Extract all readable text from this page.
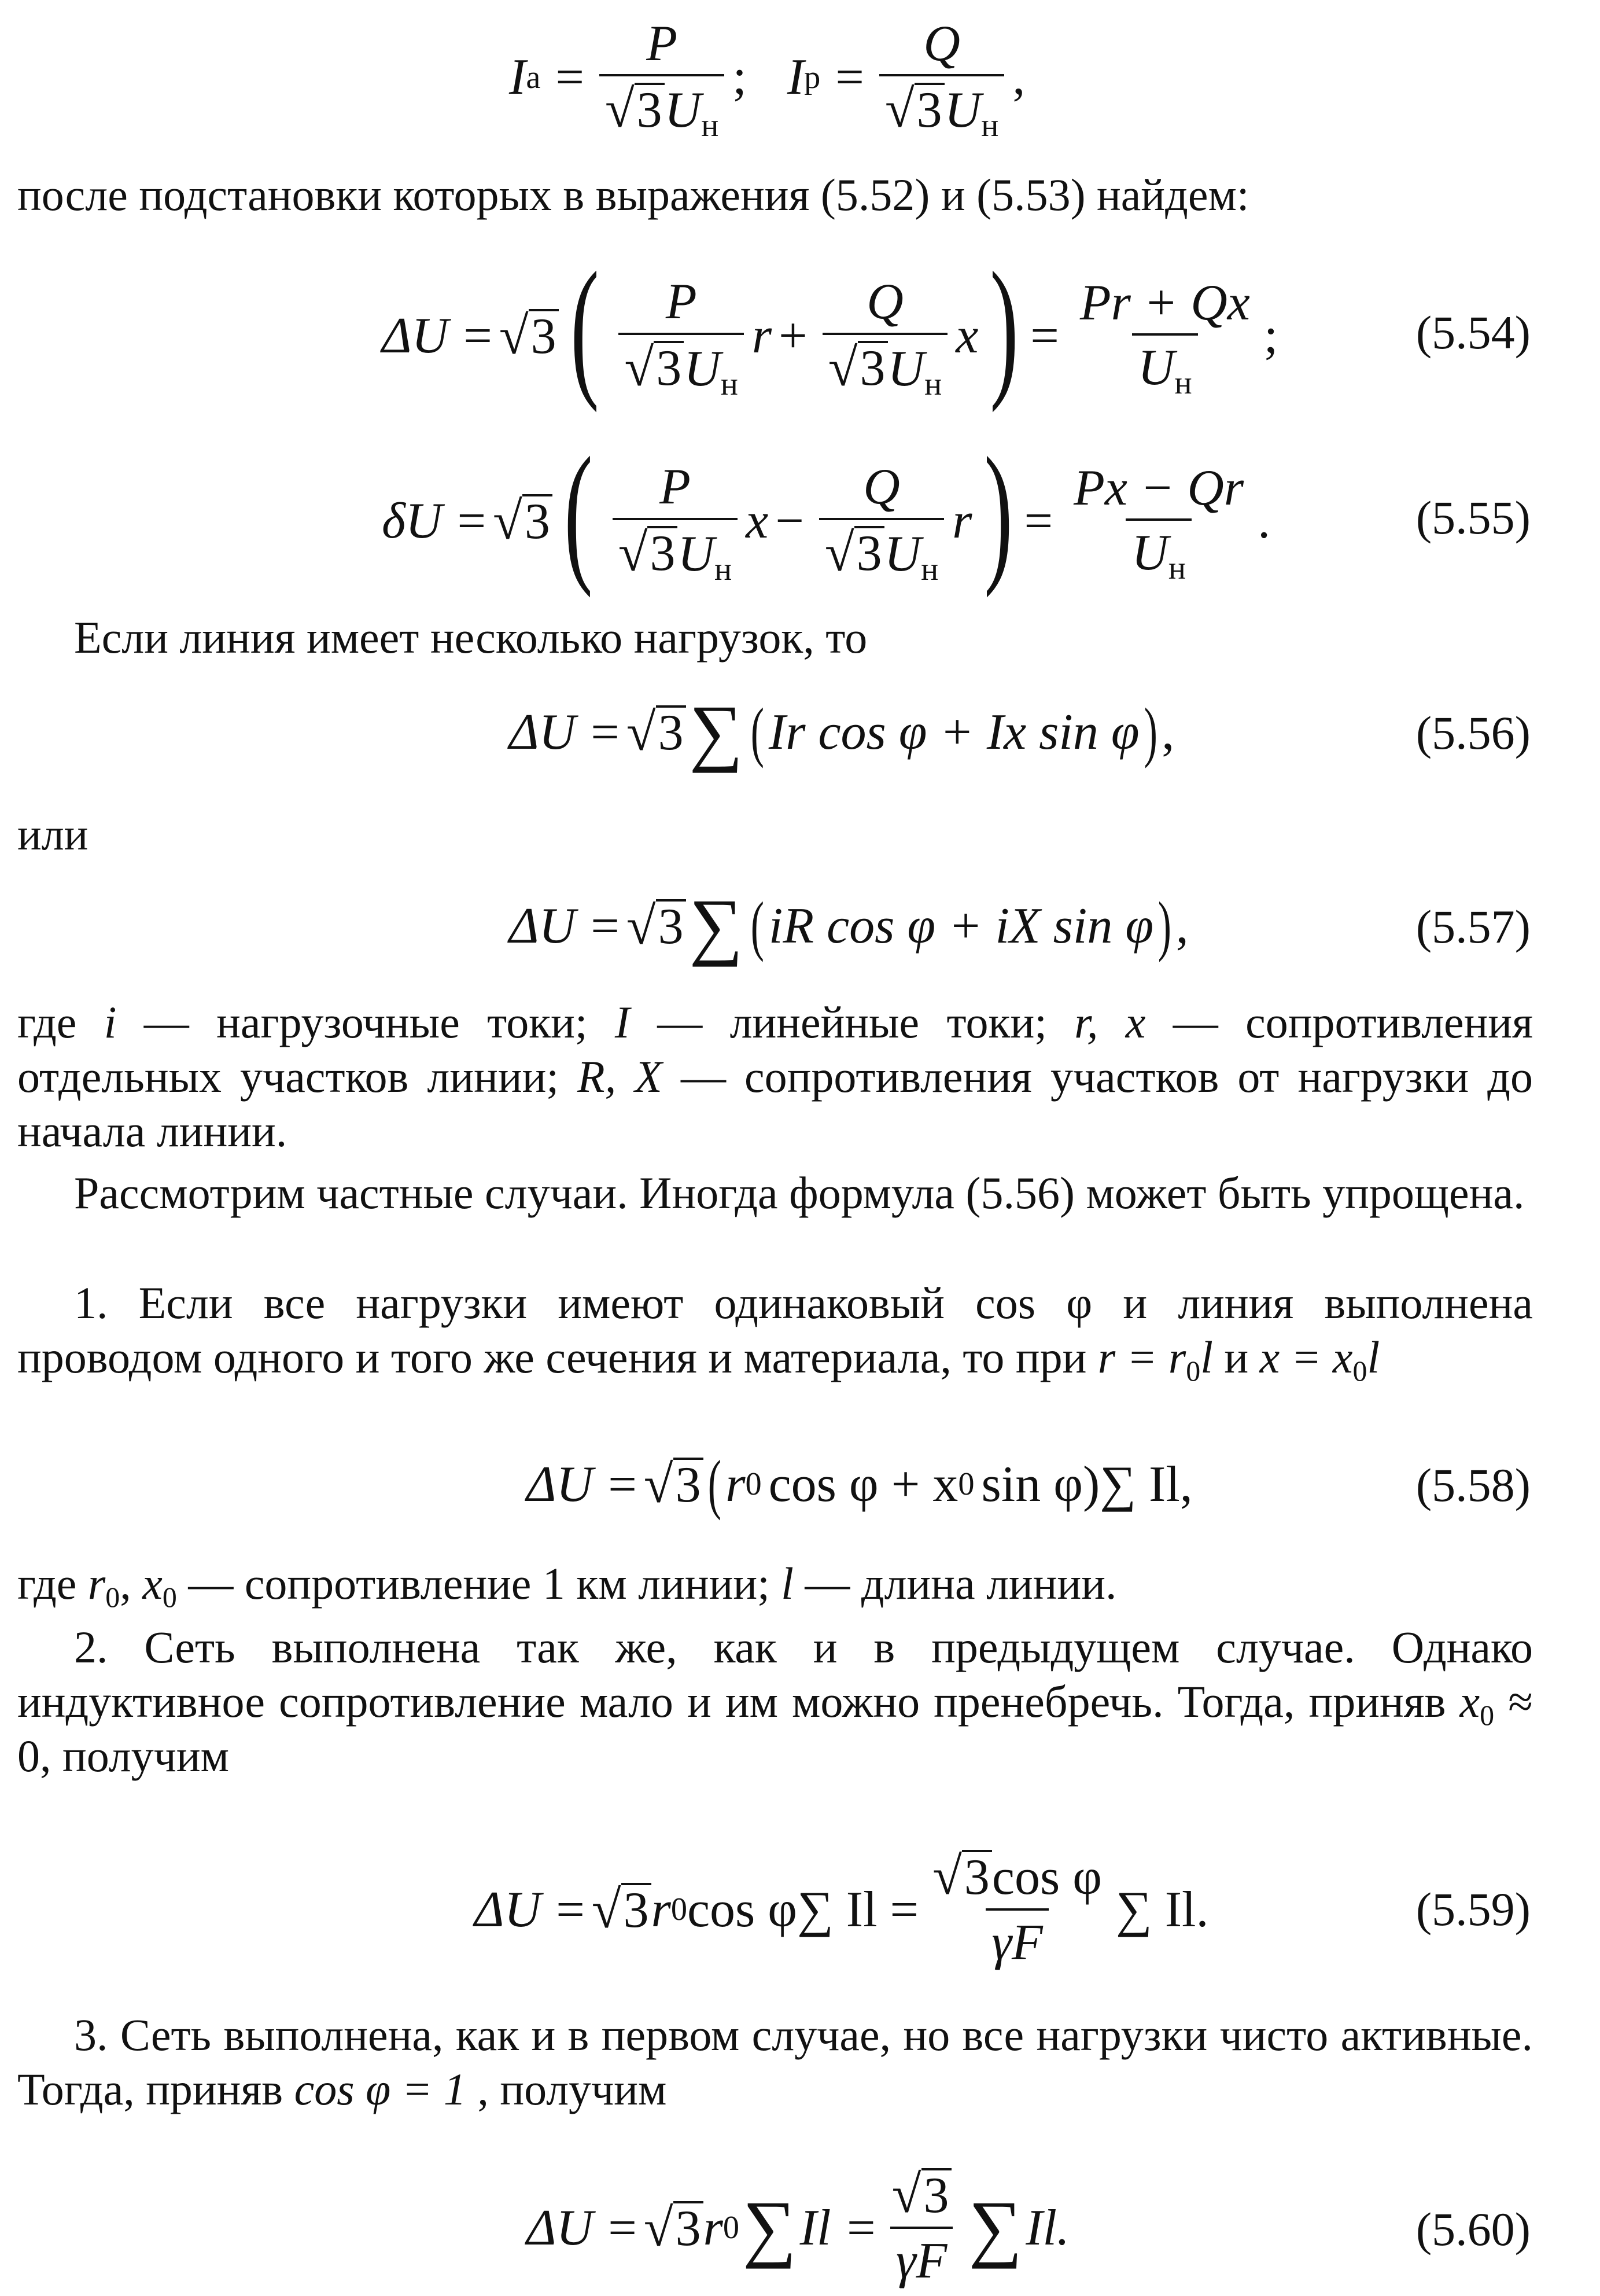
I $а = \frac{P}{√ 3 U_н}$ ; I $р = \frac{Q}{√ 3 U_н}$ ,
после подстановки которых в выражения (5.52) и (5.53) найдем:
ΔU = √ 3 ( $\frac{P}{√ 3 U_н}$ $r + \frac{Q}{√ 3 U_н}$ x ) = $\frac{Pr + Qx}{U_н}$ ;	(5.54)
δU = √ 3 ( $\frac{P}{√ 3 U_н}$ $x - \frac{Q}{√ 3 U_н}$ r ) = $\frac{Px - Qr}{U_н}$ .	(5.55)
Если линия имеет несколько нагрузок, то
ΔU = √ 3 ∑ ( Ir cos φ + Ix sin φ ) ,	(5.56)
или
ΔU = √ 3 ∑ ( iR cos φ + iX sin φ ) ,	(5.57)
где i — нагрузочные токи; I — линейные токи; r, x — сопротивления отдельных участков линии; R, X — сопротивления участков от нагрузки до начала линии.
Рассмотрим частные случаи. Иногда формула (5.56) может быть упрощена.
1. Если все нагрузки имеют одинаковый cos φ и линия выполнена проводом одного и того же сечения и материала, то при $r = r_0l$ и $x = x_0l$
ΔU = √ 3 ( r 0 cos φ + x 0 sin φ)∑ Il,	(5.58)
где $r_0$, $x_0$ — сопротивление 1 км линии; l — длина линии.
2. Сеть выполнена так же, как и в предыдущем случае. Однако индуктивное сопротивление мало и им можно пренебречь. Тогда, приняв $x_0 \approx 0$, получим
ΔU = √ 3 r 0 cos φ∑ $Il = \frac{\text{√ 3 cos φ}}{\gamma F}$ ∑ Il.	(5.59)
3. Сеть выполнена, как и в первом случае, но все нагрузки чисто активные. Тогда, приняв cos φ = 1 , получим
ΔU = √ 3 r 0 ∑ $Il = \frac{√ 3}{\gamma F}$ ∑ Il.	(5.60)
